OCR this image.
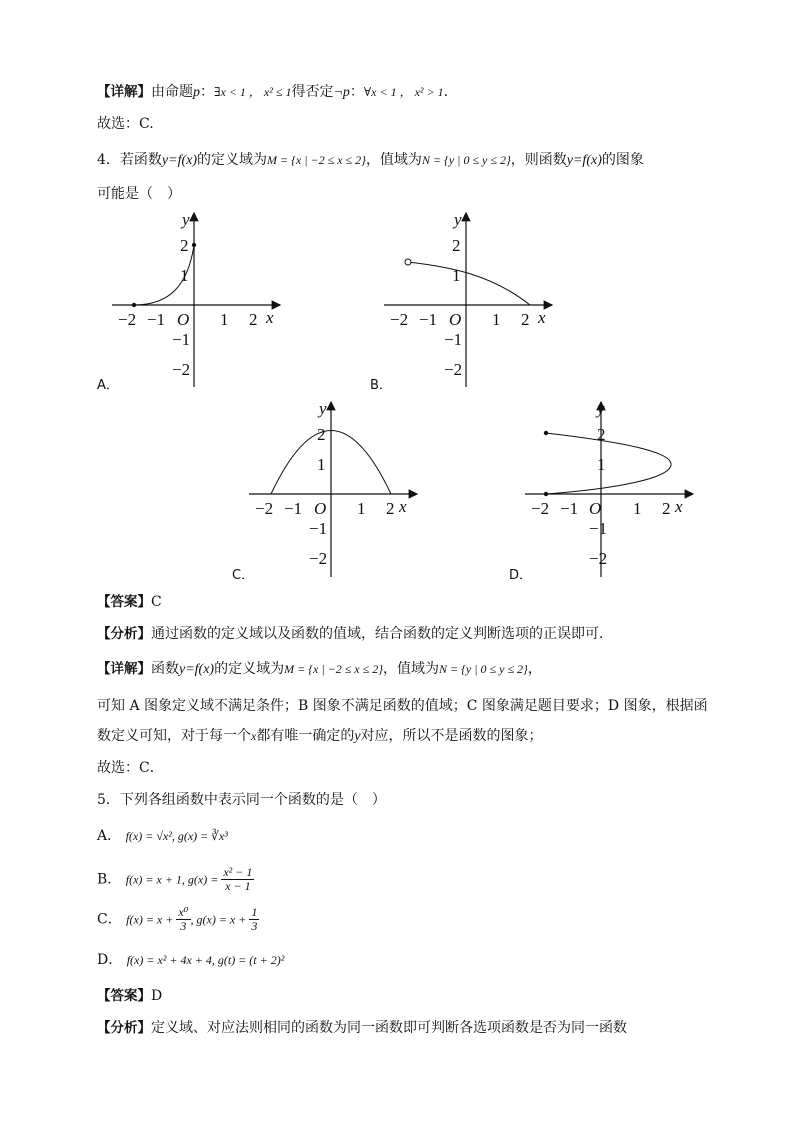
【详解】由命题p：∃x < 1 ， x² ≤ 1得否定¬p：∀x < 1 ， x² > 1.
故选：C.
4．若函数y=f(x)的定义域为M = {x | −2 ≤ x ≤ 2}，值域为N = {y | 0 ≤ y ≤ 2}，则函数y=f(x)的图象
可能是（　）
−2 −1 O 1 2 x
y
2
1
−1
−2
A．
−2 −1 O 1 2 x
y
2
1
−1
−2
B．
−2 −1 O 1 2 x
y
2
1
−1
−2
C．
−2 −1 O 1 2 x
y
2
1
−1
−2
D．
【答案】C
【分析】通过函数的定义域以及函数的值域，结合函数的定义判断选项的正误即可．
【详解】函数y=f(x)的定义域为M = {x | −2 ≤ x ≤ 2}，值域为N = {y | 0 ≤ y ≤ 2}，
可知 A 图象定义域不满足条件；B 图象不满足函数的值域；C 图象满足题目要求；D 图象，根据函
数定义可知，对于每一个x都有唯一确定的y对应，所以不是函数的图象；
故选：C．
5．下列各组函数中表示同一个函数的是（　）
A． f(x) = √x², g(x) = ∛x³
B． f(x) = x + 1, $g(x) = \frac{\text{x² − 1}}{x - 1}$
C． $f(x) = x + \frac{\text{x⁰}}{3}$ , $g(x) = x + \frac{1}{3}$
D． f(x) = x² + 4x + 4, g(t) = (t + 2)²
【答案】D
【分析】定义域、对应法则相同的函数为同一函数即可判断各选项函数是否为同一函数
